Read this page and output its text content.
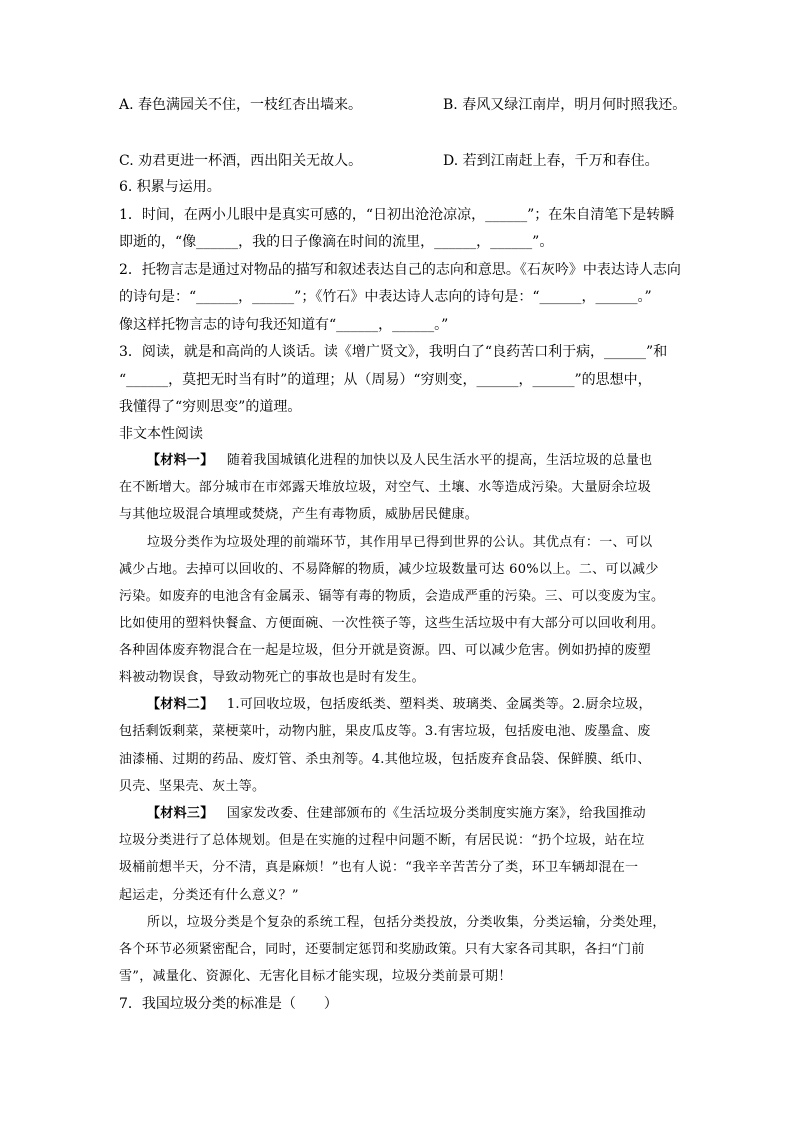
A. 春色满园关不住，一枝红杏出墙来。	B. 春风又绿江南岸，明月何时照我还。
C. 劝君更进一杯酒，西出阳关无故人。	D. 若到江南赶上春，千万和春住。
6. 积累与运用。
1．时间，在两小儿眼中是真实可感的，“日初出沧沧凉凉，______”；在朱自清笔下是转瞬
即逝的，“像______，我的日子像滴在时间的流里，______，______”。
2．托物言志是通过对物品的描写和叙述表达自己的志向和意思。《石灰吟》中表达诗人志向
的诗句是：“______，______”；《竹石》中表达诗人志向的诗句是：“______，______。”
像这样托物言志的诗句我还知道有“______，______。”
3．阅读，就是和高尚的人谈话。读《增广贤文》，我明白了“良药苦口利于病，______”和
“______，莫把无时当有时”的道理；从（周易）“穷则变，______，______”的思想中，
我懂得了“穷则思变”的道理。
非文本性阅读
【材料一】 随着我国城镇化进程的加快以及人民生活水平的提高，生活垃圾的总量也
在不断增大。部分城市在市郊露天堆放垃圾，对空气、土壤、水等造成污染。大量厨余垃圾
与其他垃圾混合填埋或焚烧，产生有毒物质，威胁居民健康。
垃圾分类作为垃圾处理的前端环节，其作用早已得到世界的公认。其优点有：一、可以
减少占地。去掉可以回收的、不易降解的物质，减少垃圾数量可达 60%以上。二、可以减少
污染。如废弃的电池含有金属汞、镉等有毒的物质，会造成严重的污染。三、可以变废为宝。
比如使用的塑料快餐盒、方便面碗、一次性筷子等，这些生活垃圾中有大部分可以回收利用。
各种固体废弃物混合在一起是垃圾，但分开就是资源。四、可以减少危害。例如扔掉的废塑
料被动物误食，导致动物死亡的事故也是时有发生。
【材料二】 1.可回收垃圾，包括废纸类、塑料类、玻璃类、金属类等。2.厨余垃圾，
包括剩饭剩菜，菜梗菜叶，动物内脏，果皮瓜皮等。3.有害垃圾，包括废电池、废墨盒、废
油漆桶、过期的药品、废灯管、杀虫剂等。4.其他垃圾，包括废弃食品袋、保鲜膜、纸巾、
贝壳、坚果壳、灰土等。
【材料三】 国家发改委、住建部颁布的《生活垃圾分类制度实施方案》，给我国推动
垃圾分类进行了总体规划。但是在实施的过程中问题不断，有居民说：“扔个垃圾，站在垃
圾桶前想半天，分不清，真是麻烦！”也有人说：“我辛辛苦苦分了类，环卫车辆却混在一
起运走，分类还有什么意义？”
所以，垃圾分类是个复杂的系统工程，包括分类投放，分类收集，分类运输，分类处理，
各个环节必须紧密配合，同时，还要制定惩罚和奖励政策。只有大家各司其职，各扫“门前
雪”，减量化、资源化、无害化目标才能实现，垃圾分类前景可期！
7．我国垃圾分类的标准是（　　）
